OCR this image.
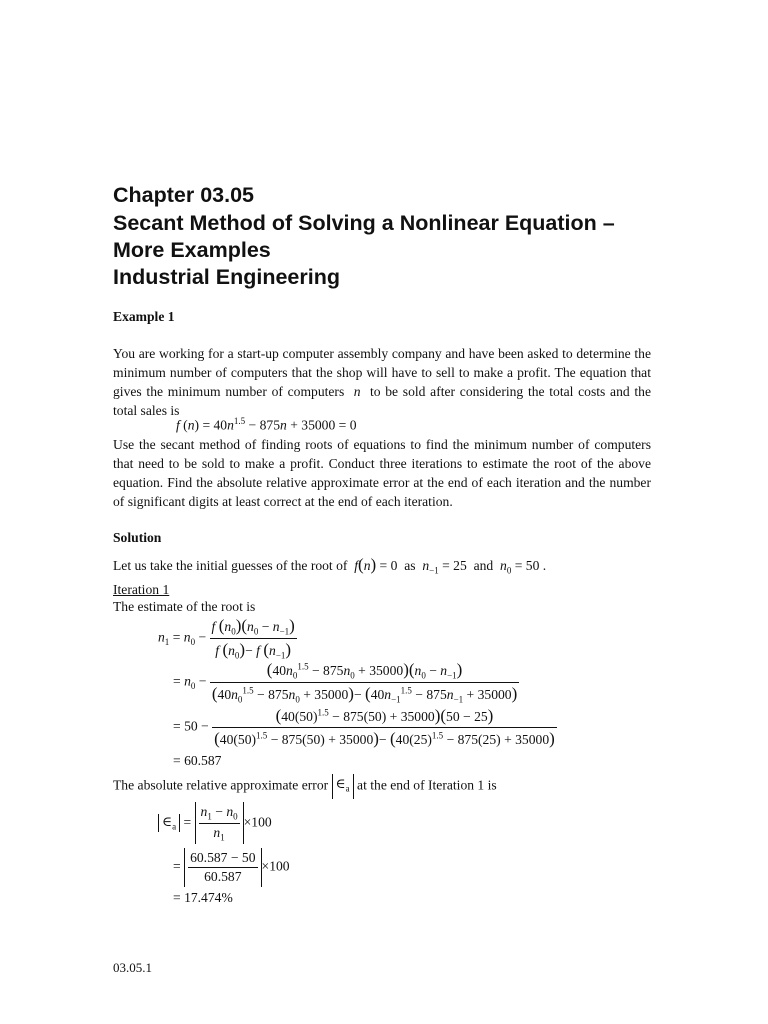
Chapter 03.05
Secant Method of Solving a Nonlinear Equation –
More Examples
Industrial Engineering
Example 1
You are working for a start-up computer assembly company and have been asked to determine the minimum number of computers that the shop will have to sell to make a profit. The equation that gives the minimum number of computers n to be sold after considering the total costs and the total sales is
f $(n) = 40n^{1.5} - 875n + 35000 = 0$
Use the secant method of finding roots of equations to find the minimum number of computers that need to be sold to make a profit. Conduct three iterations to estimate the root of the above equation. Find the absolute relative approximate error at the end of each iteration and the number of significant digits at least correct at the end of each iteration.
Solution
Let us take the initial guesses of the root of f(n) = 0 as $n_{-1} = 25$ and $n_0 = 50$ .
Iteration 1
The estimate of the root is
$n_1 = n_0 - \frac{f (n_0)(n_0 - n_{-1})}{f (n_0)- f (n_{-1})}$
= $n_0 - \frac{(40n_0^{1.5} - 875n_0 + 35000)(n_0 - n_{-1})}{(40n_0^{1.5} - 875n_0 + 35000)- (40n_{-1}^{1.5} - 875n_{-1} + 35000)}$
= $50 - \frac{(40(50)^{1.5} - 875(50) + 35000)(50 - 25)}{(40(50)^{1.5} - 875(50) + 35000)- (40(25)^{1.5} - 875(25) + 35000)}$
= 60.587
The absolute relative approximate error $\in_a$ at the end of Iteration 1 is
$\in_a = \frac{n_1 - n_0}{n_1} \times 100$
= $\frac{60.587 - 50}{60.587} \times 100$
= 17.474%
03.05.1
